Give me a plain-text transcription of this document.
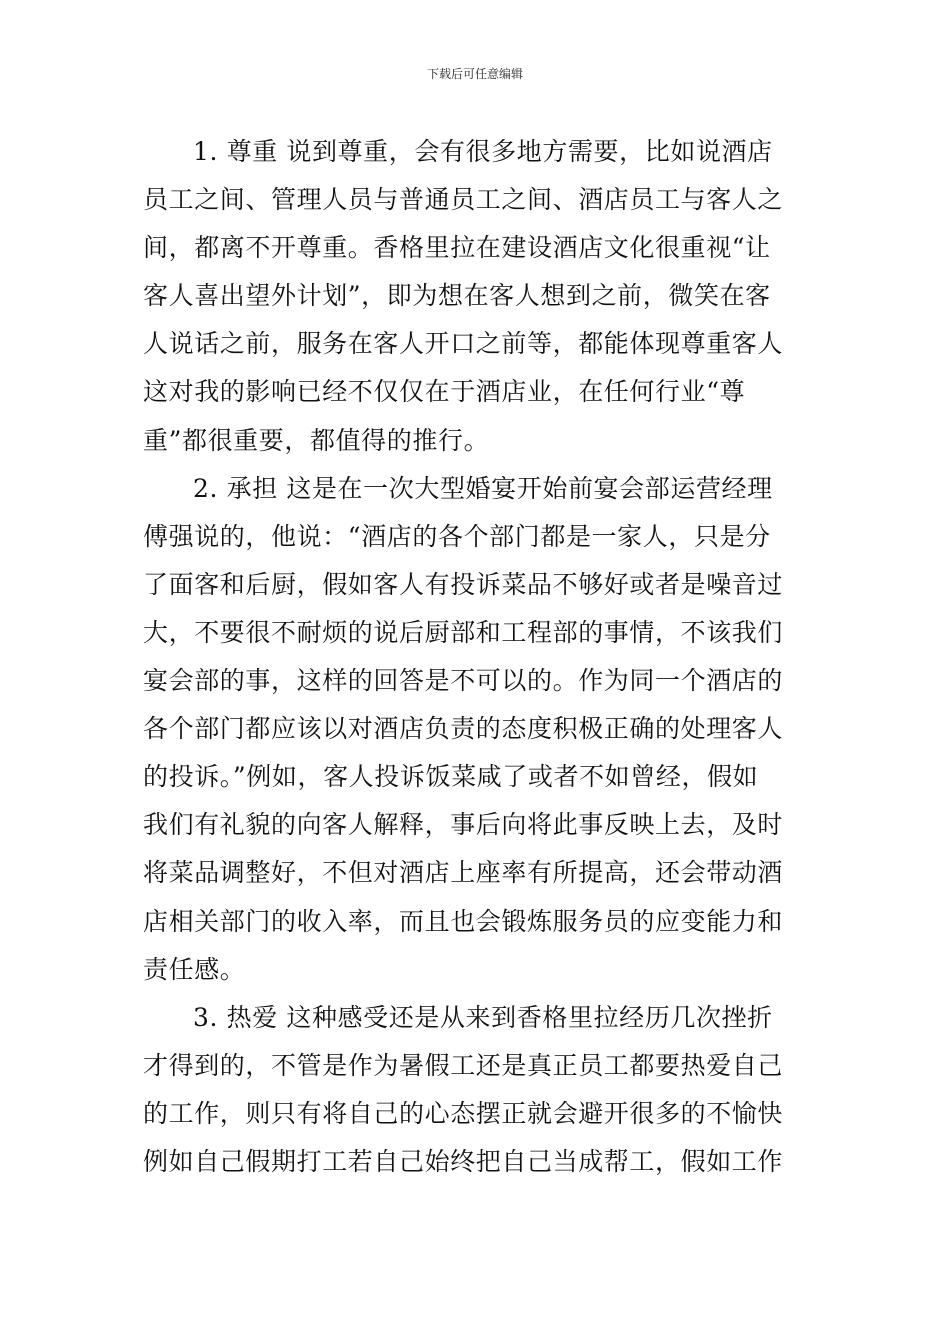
下载后可任意编辑
1. 尊重 说到尊重，会有很多地方需要，比如说酒店
员工之间、管理人员与普通员工之间、酒店员工与客人之
间，都离不开尊重。香格里拉在建设酒店文化很重视“让
客人喜出望外计划”，即为想在客人想到之前，微笑在客
人说话之前，服务在客人开口之前等，都能体现尊重客人
这对我的影响已经不仅仅在于酒店业，在任何行业“尊
重”都很重要，都值得的推行。
2. 承担 这是在一次大型婚宴开始前宴会部运营经理
傅强说的，他说：“酒店的各个部门都是一家人，只是分
了面客和后厨，假如客人有投诉菜品不够好或者是噪音过
大，不要很不耐烦的说后厨部和工程部的事情，不该我们
宴会部的事，这样的回答是不可以的。作为同一个酒店的
各个部门都应该以对酒店负责的态度积极正确的处理客人
的投诉。”例如，客人投诉饭菜咸了或者不如曾经，假如
我们有礼貌的向客人解释，事后向将此事反映上去，及时
将菜品调整好，不但对酒店上座率有所提高，还会带动酒
店相关部门的收入率，而且也会锻炼服务员的应变能力和
责任感。
3. 热爱 这种感受还是从来到香格里拉经历几次挫折
才得到的，不管是作为暑假工还是真正员工都要热爱自己
的工作，则只有将自己的心态摆正就会避开很多的不愉快
例如自己假期打工若自己始终把自己当成帮工，假如工作
